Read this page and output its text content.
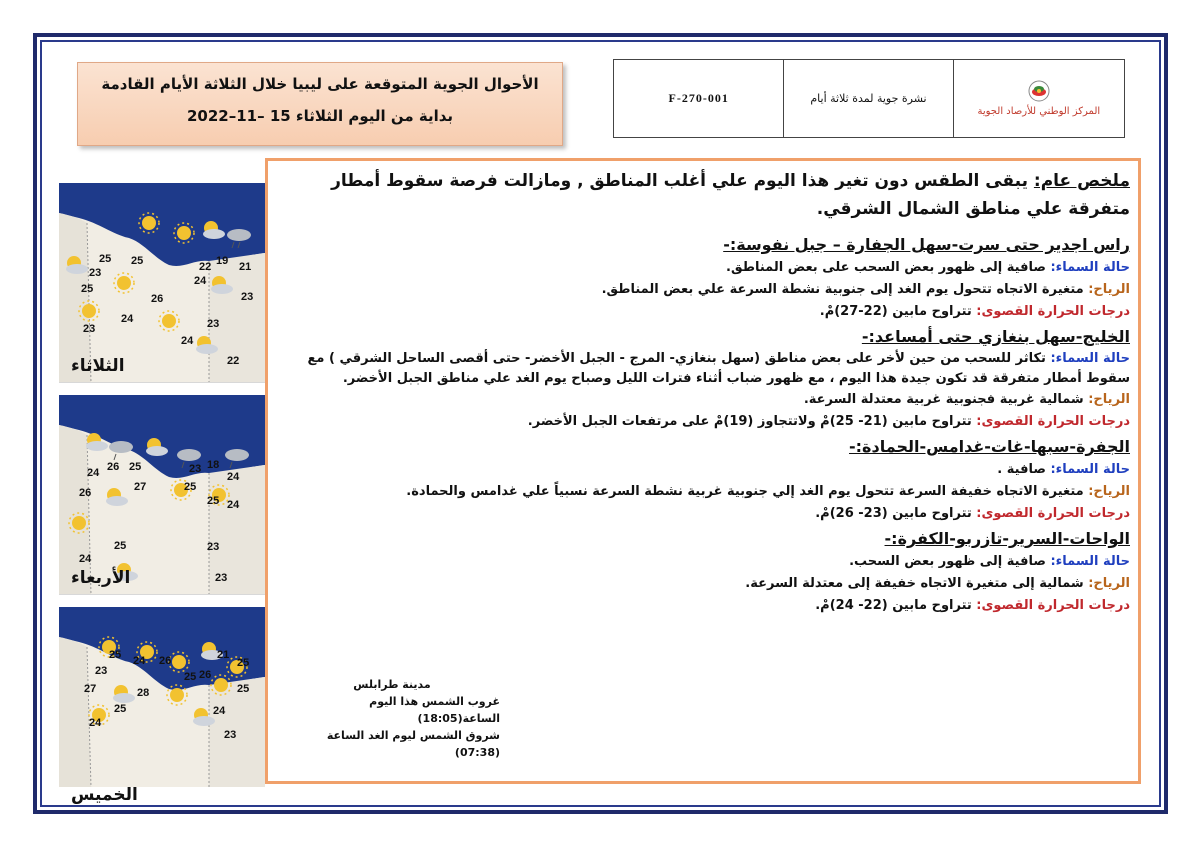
الأحوال الجوية المتوقعة على ليبيا خلال الثلاثة الأيام القادمة
بداية من اليوم الثلاثاء 15 –11–2022
F-270-001	نشرة جوية لمدة ثلاثة أيام
المركز الوطني للأرصاد الجوية
25 25	22 19 21
23
25
24
23
26
24
23	23
24
22
الثلاثاء
24 26 25	23 18
24
26	27	25
25 24
24
25	23
23
الأربعاء
25 24 26
26
21
25
23
27	28
25
25
24
25
24
23
الخميس
ملخص عام: يبقى الطقس دون تغير هذا اليوم علي أغلب المناطق , ومازالت فرصة سقوط أمطار متفرقة علي مناطق الشمال الشرقي.
راس اجدير حتى سرت-سهل الجفارة – جبل نفوسة:-
حالة السماء: صافية إلى ظهور بعض السحب على بعض المناطق.
الرياح: متغيرة الاتجاه تتحول يوم الغد إلى جنوبية نشطة السرعة علي بعض المناطق.
درجات الحرارة القصوى: تتراوح مابين (22-27)مْ.
الخليج-سهل بنغازي حتى أمساعد:-
حالة السماء: تكاثر للسحب من حين لأخر على بعض مناطق (سهل بنغازي- المرج - الجبل الأخضر- حتى أقصى الساحل الشرقي ) مع سقوط أمطار متفرقة قد تكون جيدة هذا اليوم ، مع ظهور ضباب أثناء فترات الليل وصباح يوم الغد علي مناطق الجبل الأخضر.
الرياح: شمالية غربية فجنوبية غربية معتدلة السرعة.
درجات الحرارة القصوى: تتراوح مابين (21- 25)مْ ولاتتجاوز (19)مْ على مرتفعات الجبل الأخضر.
الجفرة-سبها-غات-غدامس-الحمادة:-
حالة السماء: صافية .
الرياح: متغيرة الاتجاه خفيفة السرعة تتحول يوم الغد إلي جنوبية غربية نشطة السرعة نسبياً علي غدامس والحمادة.
درجات الحرارة القصوى: تتراوح مابين (23- 26)مْ.
الواحات-السرير-تازربو-الكفرة:-
حالة السماء: صافية إلى ظهور بعض السحب.
الرياح: شمالية إلى متغيرة الاتجاه خفيفة إلى معتدلة السرعة.
درجات الحرارة القصوى: تتراوح مابين (22- 24)مْ.
مدينة طرابلس
غروب الشمس هذا اليوم الساعة(18:05)
شروق الشمس ليوم الغد الساعة (07:38)
